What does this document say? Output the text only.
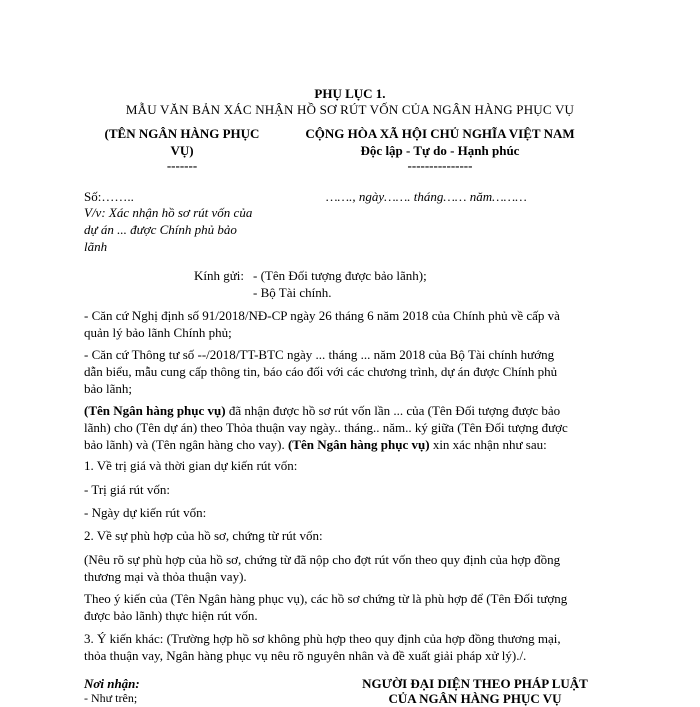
PHỤ LỤC 1.
MẪU VĂN BẢN XÁC NHẬN HỒ SƠ RÚT VỐN CỦA NGÂN HÀNG PHỤC VỤ
(TÊN NGÂN HÀNG PHỤC
VỤ)
-------
CỘNG HÒA XÃ HỘI CHỦ NGHĨA VIỆT NAM
Độc lập - Tự do - Hạnh phúc
---------------
Số:……..
V/v: Xác nhận hồ sơ rút vốn của
dự án ... được Chính phủ bảo
lãnh
……., ngày……. tháng…… năm………
Kính gửi: - (Tên Đối tượng được bảo lãnh);
- Bộ Tài chính.
- Căn cứ Nghị định số 91/2018/NĐ-CP ngày 26 tháng 6 năm 2018 của Chính phủ về cấp và
quản lý bảo lãnh Chính phủ;
- Căn cứ Thông tư số --/2018/TT-BTC ngày ... tháng ... năm 2018 của Bộ Tài chính hướng
dẫn biểu, mẫu cung cấp thông tin, báo cáo đối với các chương trình, dự án được Chính phủ
bảo lãnh;
(Tên Ngân hàng phục vụ) đã nhận được hồ sơ rút vốn lần ... của (Tên Đối tượng được bảo
lãnh) cho (Tên dự án) theo Thỏa thuận vay ngày.. tháng.. năm.. ký giữa (Tên Đối tượng được
bảo lãnh) và (Tên ngân hàng cho vay). (Tên Ngân hàng phục vụ) xin xác nhận như sau:
1. Về trị giá và thời gian dự kiến rút vốn:
- Trị giá rút vốn:
- Ngày dự kiến rút vốn:
2. Về sự phù hợp của hồ sơ, chứng từ rút vốn:
(Nêu rõ sự phù hợp của hồ sơ, chứng từ đã nộp cho đợt rút vốn theo quy định của hợp đồng
thương mại và thỏa thuận vay).
Theo ý kiến của (Tên Ngân hàng phục vụ), các hồ sơ chứng từ là phù hợp để (Tên Đối tượng
được bảo lãnh) thực hiện rút vốn.
3. Ý kiến khác: (Trường hợp hồ sơ không phù hợp theo quy định của hợp đồng thương mại,
thỏa thuận vay, Ngân hàng phục vụ nêu rõ nguyên nhân và đề xuất giải pháp xử lý)./.
Nơi nhận:
- Như trên;
NGƯỜI ĐẠI DIỆN THEO PHÁP LUẬT
CỦA NGÂN HÀNG PHỤC VỤ
